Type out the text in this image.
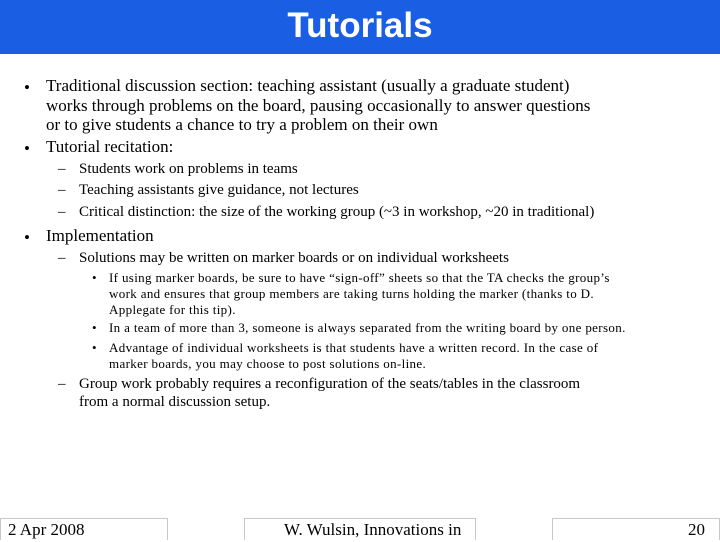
Tutorials
• Traditional discussion section: teaching assistant (usually a graduate student)
works through problems on the board, pausing occasionally to answer questions
or to give students a chance to try a problem on their own
• Tutorial recitation:
– Students work on problems in teams
– Teaching assistants give guidance, not lectures
– Critical distinction: the size of the working group (~3 in workshop, ~20 in traditional)
• Implementation
– Solutions may be written on marker boards or on individual worksheets
• If using marker boards, be sure to have “sign-off” sheets so that the TA checks the group’s
work and ensures that group members are taking turns holding the marker (thanks to D.
Applegate for this tip).
• In a team of more than 3, someone is always separated from the writing board by one person.
• Advantage of individual worksheets is that students have a written record. In the case of
marker boards, you may choose to post solutions on-line.
– Group work probably requires a reconfiguration of the seats/tables in the classroom
from a normal discussion setup.
2 Apr 2008	W. Wulsin, Innovations in	20
